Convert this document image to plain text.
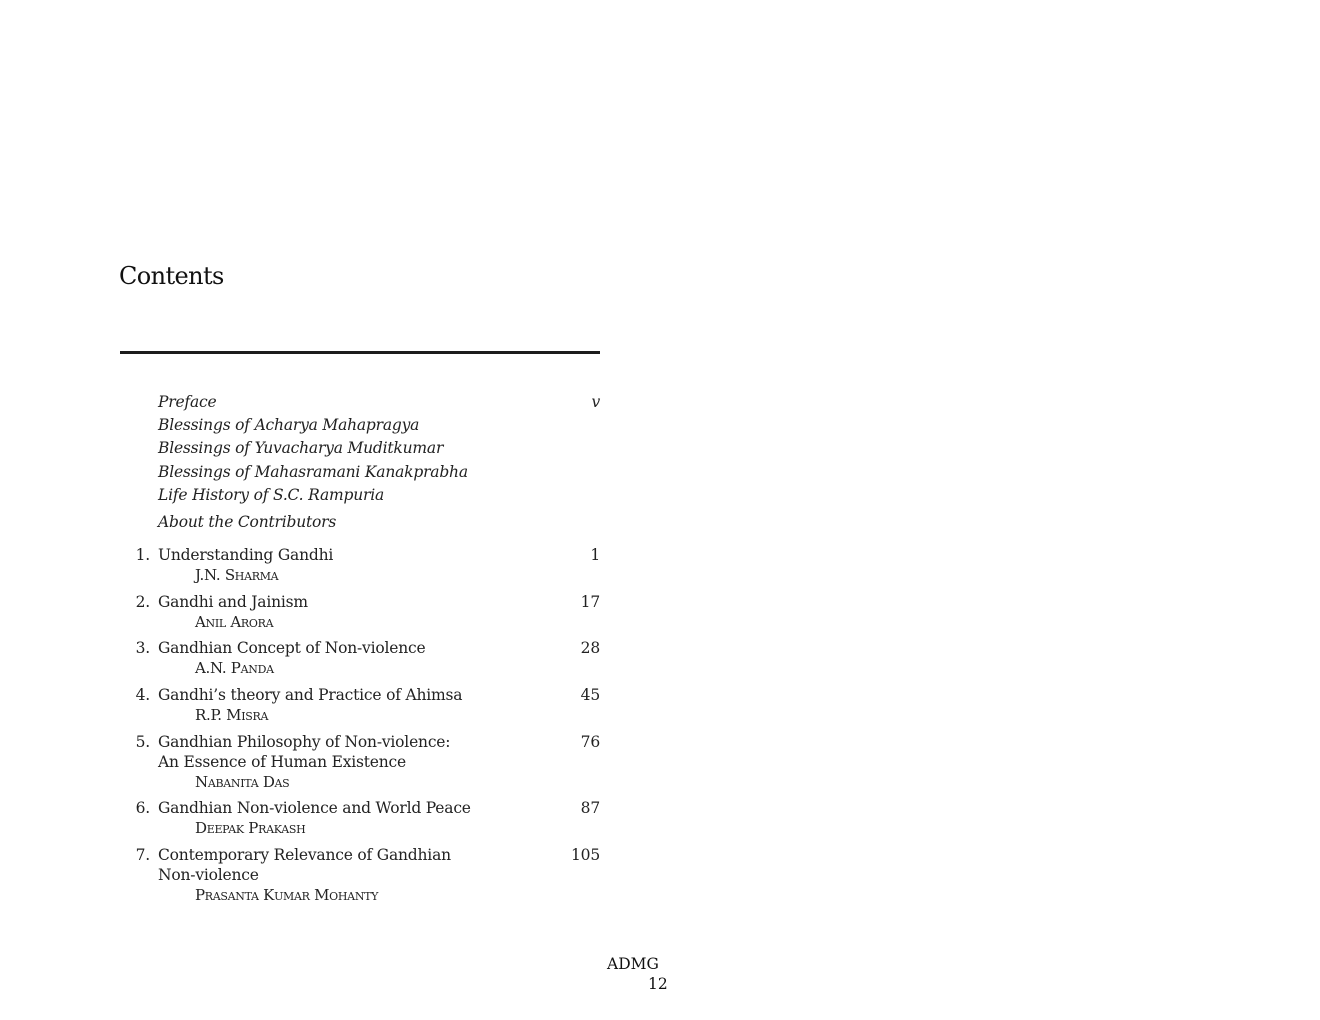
Contents
Preface	v
Blessings of Acharya Mahapragya
Blessings of Yuvacharya Muditkumar
Blessings of Mahasramani Kanakprabha
Life History of S.C. Rampuria
About the Contributors
1. Understanding Gandhi
J.N. Sharma
1
2. Gandhi and Jainism
Anil Arora
17
3. Gandhian Concept of Non-violence
A.N. Panda
28
4. Gandhi’s theory and Practice of Ahimsa
R.P. Misra
45
5. Gandhian Philosophy of Non-violence:
An Essence of Human Existence
Nabanita Das
76
6. Gandhian Non-violence and World Peace
Deepak Prakash
87
7. Contemporary Relevance of Gandhian
Non-violence
Prasanta Kumar Mohanty
105
ADMG
12
